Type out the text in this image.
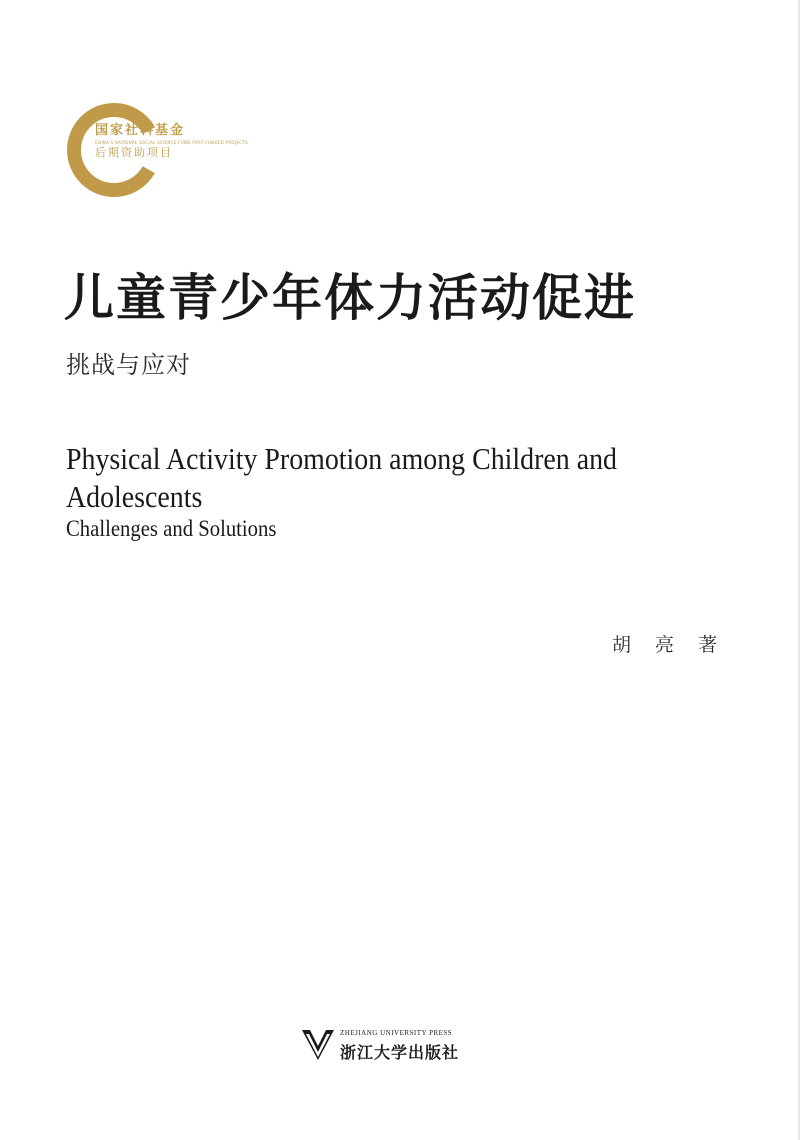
国家社科基金
CHINA'S NATIONAL SOCIAL SCIENCE FUND POST-FUNDED PROJECTS
后期资助项目
儿童青少年体力活动促进
挑战与应对
Physical Activity Promotion among Children and Adolescents
Challenges and Solutions
胡 亮 著
ZHEJIANG UNIVERSITY PRESS
浙江大学出版社
